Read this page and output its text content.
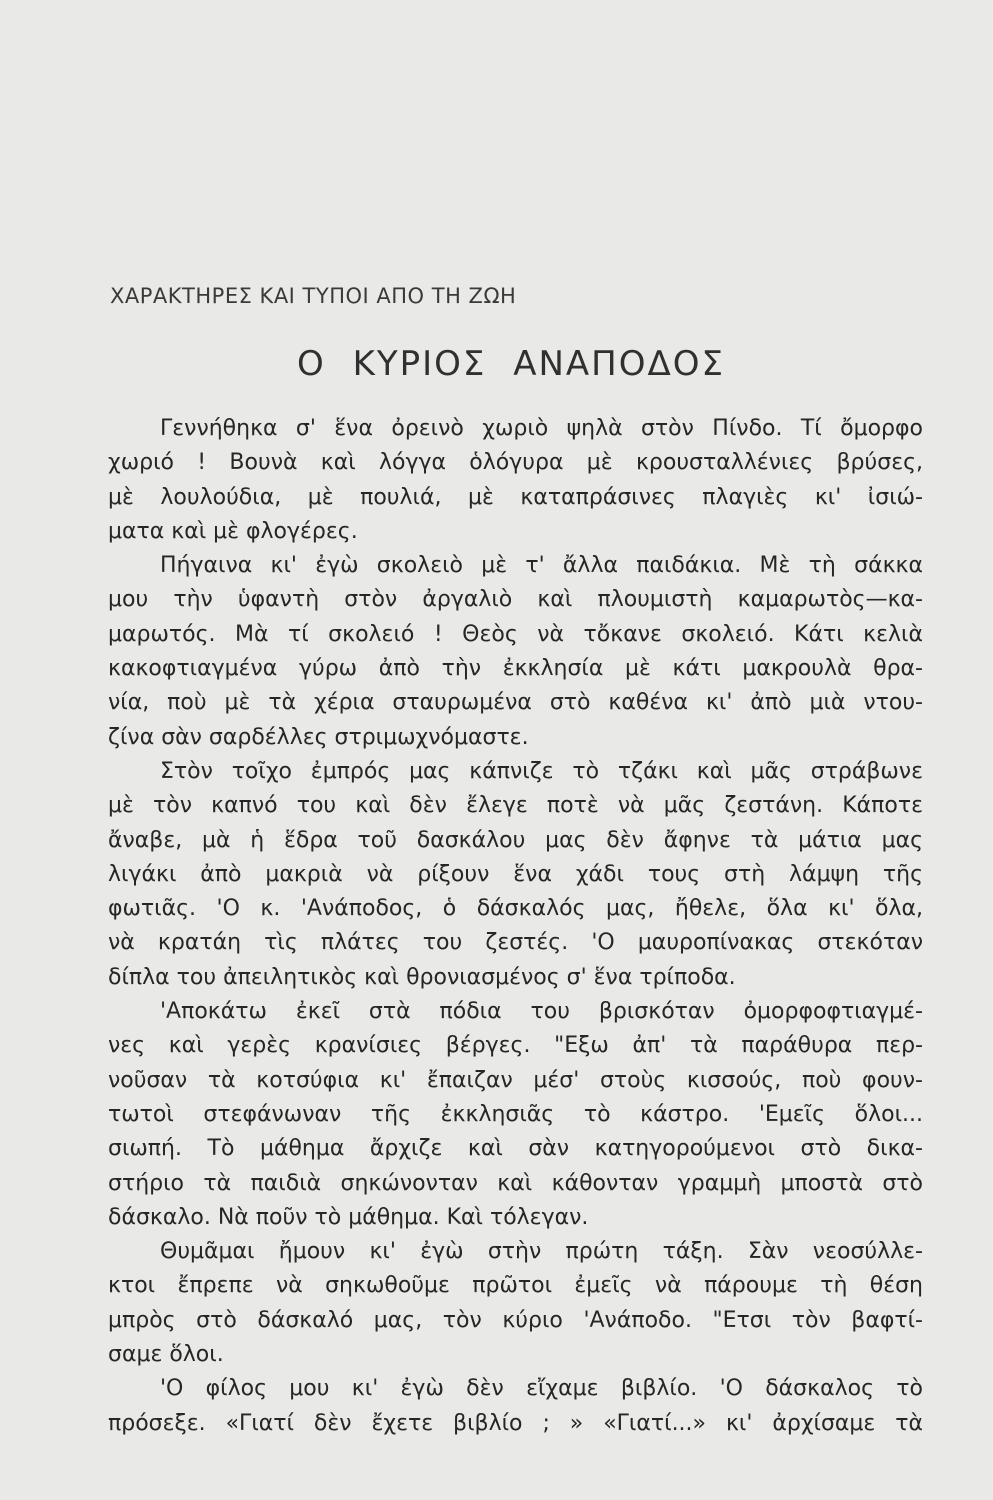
ΧΑΡΑΚΤΗΡΕΣ ΚΑΙ ΤΥΠΟΙ ΑΠΟ ΤΗ ΖΩΗ
Ο ΚΥΡΙΟΣ ΑΝΑΠΟΔΟΣ
Γεννήθηκα σ' ἕνα ὀρεινὸ χωριὸ ψηλὰ στὸν Πίνδο. Τί ὄμορφο
χωριό ! Βουνὰ καὶ λόγγα ὁλόγυρα μὲ κρουσταλλένιες βρύσες,
μὲ λουλούδια, μὲ πουλιά, μὲ καταπράσινες πλαγιὲς κι' ἰσιώ-
ματα καὶ μὲ φλογέρες.
Πήγαινα κι' ἐγὼ σκολειὸ μὲ τ' ἄλλα παιδάκια. Μὲ τὴ σάκκα
μου τὴν ὑφαντὴ στὸν ἀργαλιὸ καὶ πλουμιστὴ καμαρωτὸς—κα-
μαρωτός. Μὰ τί σκολειό ! Θεὸς νὰ τὄκανε σκολειό. Κάτι κελιὰ
κακοφτιαγμένα γύρω ἀπὸ τὴν ἐκκλησία μὲ κάτι μακρουλὰ θρα-
νία, ποὺ μὲ τὰ χέρια σταυρωμένα στὸ καθένα κι' ἀπὸ μιὰ ντου-
ζίνα σὰν σαρδέλλες στριμωχνόμαστε.
Στὸν τοῖχο ἐμπρός μας κάπνιζε τὸ τζάκι καὶ μᾶς στράβωνε
μὲ τὸν καπνό του καὶ δὲν ἔλεγε ποτὲ νὰ μᾶς ζεστάνη. Κάποτε
ἄναβε, μὰ ἡ ἕδρα τοῦ δασκάλου μας δὲν ἄφηνε τὰ μάτια μας
λιγάκι ἀπὸ μακριὰ νὰ ρίξουν ἕνα χάδι τους στὴ λάμψη τῆς
φωτιᾶς. 'Ο κ. 'Ανάποδος, ὁ δάσκαλός μας, ἤθελε, ὅλα κι' ὅλα,
νὰ κρατάη τὶς πλάτες του ζεστές. 'Ο μαυροπίνακας στεκόταν
δίπλα του ἀπειλητικὸς καὶ θρονιασμένος σ' ἕνα τρίποδα.
'Αποκάτω ἐκεῖ στὰ πόδια του βρισκόταν ὀμορφοφτιαγμέ-
νες καὶ γερὲς κρανίσιες βέργες. "Εξω ἀπ' τὰ παράθυρα περ-
νοῦσαν τὰ κοτσύφια κι' ἔπαιζαν μέσ' στοὺς κισσούς, ποὺ φουν-
τωτοὶ στεφάνωναν τῆς ἐκκλησιᾶς τὸ κάστρο. 'Εμεῖς ὅλοι...
σιωπή. Τὸ μάθημα ἄρχιζε καὶ σὰν κατηγορούμενοι στὸ δικα-
στήριο τὰ παιδιὰ σηκώνονταν καὶ κάθονταν γραμμὴ μποστὰ στὸ
δάσκαλο. Νὰ ποῦν τὸ μάθημα. Καὶ τόλεγαν.
Θυμᾶμαι ἤμουν κι' ἐγὼ στὴν πρώτη τάξη. Σὰν νεοσύλλε-
κτοι ἔπρεπε νὰ σηκωθοῦμε πρῶτοι ἐμεῖς νὰ πάρουμε τὴ θέση
μπρὸς στὸ δάσκαλό μας, τὸν κύριο 'Ανάποδο. "Ετσι τὸν βαφτί-
σαμε ὅλοι.
'Ο φίλος μου κι' ἐγὼ δὲν εἴχαμε βιβλίο. 'Ο δάσκαλος τὸ
πρόσεξε. «Γιατί δὲν ἔχετε βιβλίο ; » «Γιατί...» κι' ἀρχίσαμε τὰ
